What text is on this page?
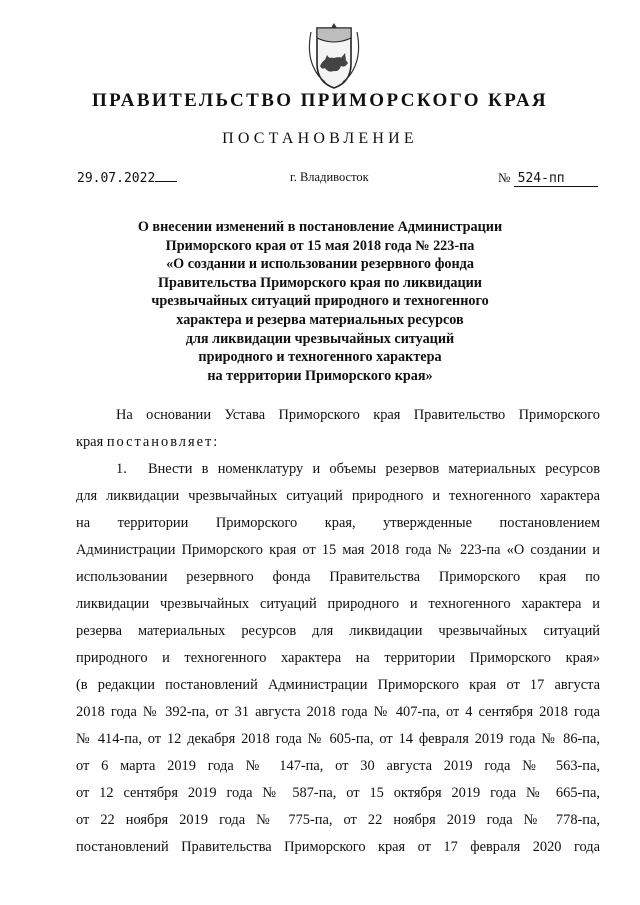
ПРАВИТЕЛЬСТВО ПРИМОРСКОГО КРАЯ
ПОСТАНОВЛЕНИЕ
29.07.2022	г. Владивосток	№ 524-пп
О внесении изменений в постановление Администрации
Приморского края от 15 мая 2018 года № 223-па
«О создании и использовании резервного фонда
Правительства Приморского края по ликвидации
чрезвычайных ситуаций природного и техногенного
характера и резерва материальных ресурсов
для ликвидации чрезвычайных ситуаций
природного и техногенного характера
на территории Приморского края»
На основании Устава Приморского края Правительство Приморского
края постановляет:
1.	Внести в номенклатуру и объемы резервов материальных ресурсов
для ликвидации чрезвычайных ситуаций природного и техногенного характера
на территории Приморского края, утвержденные постановлением
Администрации Приморского края от 15 мая 2018 года № 223-па «О создании и
использовании резервного фонда Правительства Приморского края по
ликвидации чрезвычайных ситуаций природного и техногенного характера и
резерва материальных ресурсов для ликвидации чрезвычайных ситуаций
природного и техногенного характера на территории Приморского края»
(в редакции постановлений Администрации Приморского края от 17 августа
2018 года № 392-па, от 31 августа 2018 года № 407-па, от 4 сентября 2018 года
№ 414-па, от 12 декабря 2018 года № 605-па, от 14 февраля 2019 года № 86-па,
от 6 марта 2019 года № 147-па, от 30 августа 2019 года № 563-па,
от 12 сентября 2019 года № 587-па, от 15 октября 2019 года № 665-па,
от 22 ноября 2019 года № 775-па, от 22 ноября 2019 года № 778-па,
постановлений Правительства Приморского края от 17 февраля 2020 года
